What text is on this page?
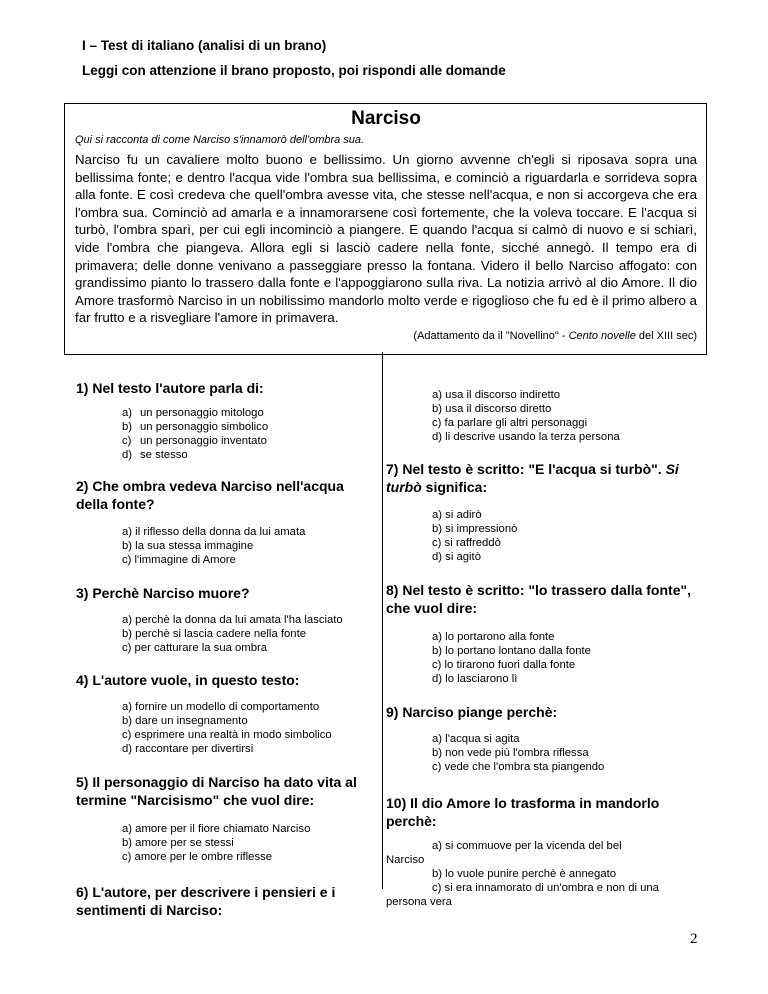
I – Test di italiano (analisi di un brano)
Leggi con attenzione il brano proposto, poi rispondi alle domande
Narciso
Qui si racconta di come Narciso s'innamorò dell'ombra sua.
Narciso fu un cavaliere molto buono e bellissimo. Un giorno avvenne ch'egli si riposava sopra una bellissima fonte; e dentro l'acqua vide l'ombra sua bellissima, e cominciò a riguardarla e sorrideva sopra alla fonte. E così credeva che quell'ombra avesse vita, che stesse nell'acqua, e non si accorgeva che era l'ombra sua. Cominciò ad amarla e a innamorarsene così fortemente, che la voleva toccare. E l'acqua si turbò, l'ombra sparì, per cui egli incominciò a piangere. E quando l'acqua si calmò di nuovo e si schiarì, vide l'ombra che piangeva. Allora egli si lasciò cadere nella fonte, sicché annegò. Il tempo era di primavera; delle donne venivano a passeggiare presso la fontana. Videro il bello Narciso affogato: con grandissimo pianto lo trassero dalla fonte e l'appoggiarono sulla riva. La notizia arrivò al dio Amore. Il dio Amore trasformò Narciso in un nobilissimo mandorlo molto verde e rigoglioso che fu ed è il primo albero a far frutto e a risvegliare l'amore in primavera.
(Adattamento da il "Novellino" - Cento novelle del XIII sec)
1) Nel testo l'autore parla di:
a) un personaggio mitologo
b) un personaggio simbolico
c) un personaggio inventato
d) se stesso
2) Che ombra vedeva Narciso nell'acqua della fonte?
a) il riflesso della donna da lui amata
b) la sua stessa immagine
c) l'immagine di Amore
3) Perchè Narciso muore?
a) perchè la donna da lui amata l'ha lasciato
b) perchè si lascia cadere nella fonte
c) per catturare la sua ombra
4) L'autore vuole, in questo testo:
a) fornire un modello di comportamento
b) dare un insegnamento
c) esprimere una realtà in modo simbolico
d) raccontare per divertirsi
5) Il personaggio di Narciso ha dato vita al termine "Narcisismo" che vuol dire:
a) amore per il fiore chiamato Narciso
b) amore per se stessi
c) amore per le ombre riflesse
6) L'autore, per descrivere i pensieri e i sentimenti di Narciso:
a) usa il discorso indiretto
b) usa il discorso diretto
c) fa parlare gli altri personaggi
d) li descrive usando la terza persona
7) Nel testo è scritto: "E l'acqua si turbò". Si turbò significa:
a) si adirò
b) si impressionò
c) si raffreddò
d) si agitò
8) Nel testo è scritto: "lo trassero dalla fonte", che vuol dire:
a) lo portarono alla fonte
b) lo portano lontano dalla fonte
c) lo tirarono fuori dalla fonte
d) lo lasciarono lì
9) Narciso piange perchè:
a) l'acqua si agita
b) non vede più l'ombra riflessa
c) vede che l'ombra sta piangendo
10) Il dio Amore lo trasforma in mandorlo perchè:
a) si commuove per la vicenda del bel
Narciso
b) lo vuole punire perchè è annegato
c) si era innamorato di un'ombra e non di una
persona vera
2
